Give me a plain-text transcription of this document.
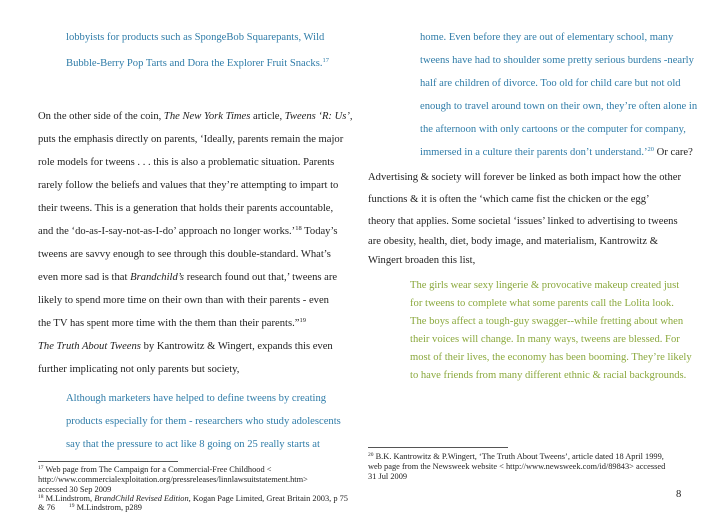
lobbyists for products such as SpongeBob Squarepants, Wild
Bubble-Berry Pop Tarts and Dora the Explorer Fruit Snacks.$^{17}$
On the other side of the coin, The New York Times article, Tweens ‘R: Us’,
puts the emphasis directly on parents, ‘Ideally, parents remain the major
role models for tweens . . . this is also a problematic situation. Parents
rarely follow the beliefs and values that they’re attempting to impart to
their tweens. This is a generation that holds their parents accountable,
and the ‘do-as-I-say-not-as-I-do’ approach no longer works.’$^{18}$ Today’s
tweens are savvy enough to see through this double-standard. What’s
even more sad is that Brandchild’s research found out that,’ tweens are
likely to spend more time on their own than with their parents - even
the TV has spent more time with the them than their parents.”$^{19}$
The Truth About Tweens by Kantrowitz & Wingert, expands this even
further implicating not only parents but society,
Although marketers have helped to define tweens by creating
products especially for them - researchers who study adolescents
say that the pressure to act like 8 going on 25 really starts at
$^{17}$ Web page from The Campaign for a Commercial-Free Childhood <
http://www.commercialexploitation.org/pressreleases/linnlawsuitstatement.htm>
accessed 30 Sep 2009
$^{18}$ M.Lindstrom, BrandChild Revised Edition, Kogan Page Limited, Great Britain 2003, p 75
& 76	$^{19}$ M.Lindstrom, p289
home. Even before they are out of elementary school, many
tweens have had to shoulder some pretty serious burdens -nearly
half are children of divorce. Too old for child care but not old
enough to travel around town on their own, they’re often alone in
the afternoon with only cartoons or the computer for company,
immersed in a culture their parents don’t understand.’$^{20}$ Or care?
Advertising & society will forever be linked as both impact how the other
functions & it is often the ‘which came fist the chicken or the egg’
theory that applies. Some societal ‘issues’ linked to advertising to tweens
are obesity, health, diet, body image, and materialism, Kantrowitz &
Wingert broaden this list,
The girls wear sexy lingerie & provocative makeup created just
for tweens to complete what some parents call the Lolita look.
The boys affect a tough-guy swagger--while fretting about when
their voices will change. In many ways, tweens are blessed. For
most of their lives, the economy has been booming. They’re likely
to have friends from many different ethnic & racial backgrounds.
$^{20}$ B.K. Kantrowitz & P.Wingert, ‘The Truth About Tweens’, article dated 18 April 1999,
web page from the Newsweek website < http://www.newsweek.com/id/89843> accessed
31 Jul 2009
8
